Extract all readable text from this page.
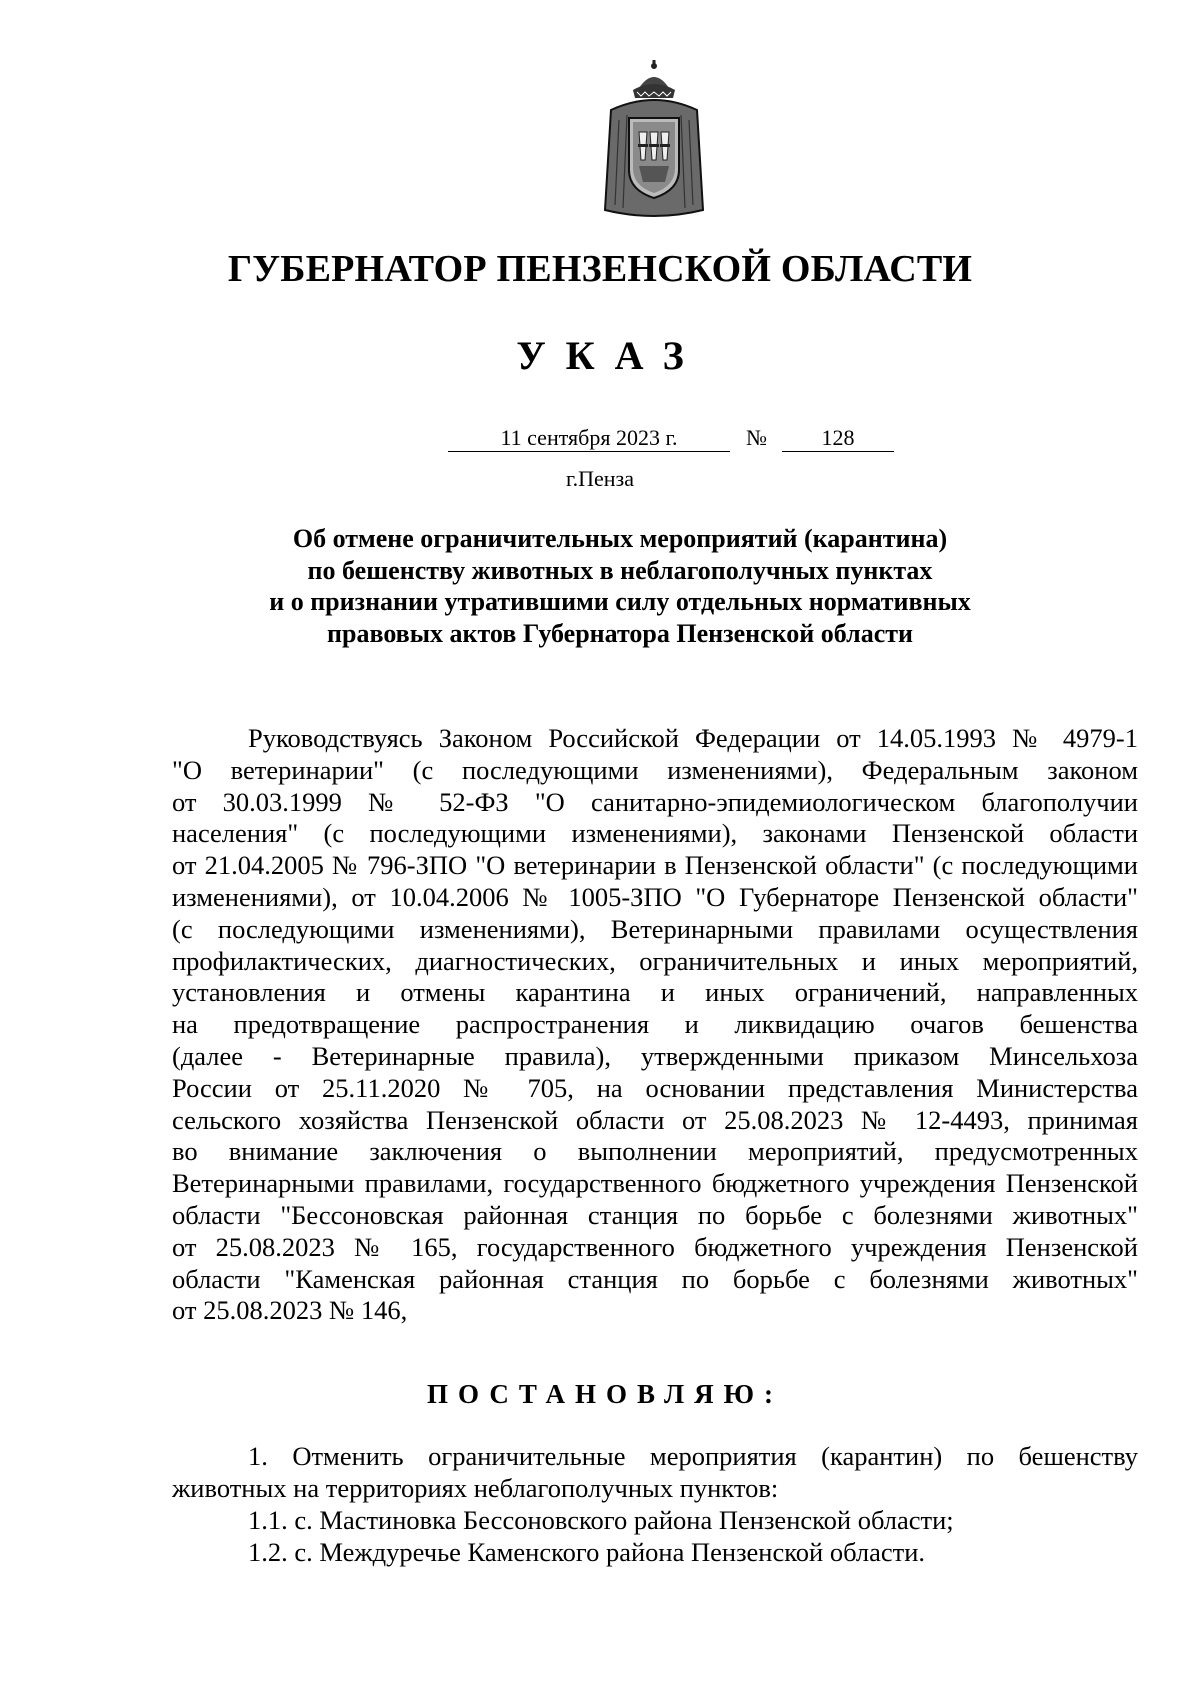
ГУБЕРНАТОР ПЕНЗЕНСКОЙ ОБЛАСТИ
УКАЗ
11 сентября 2023 г.	№	128
г.Пенза
Об отмене ограничительных мероприятий (карантина)
по бешенству животных в неблагополучных пунктах
и о признании утратившими силу отдельных нормативных
правовых актов Губернатора Пензенской области
Руководствуясь Законом Российской Федерации от 14.05.1993 № 4979-1
"О ветеринарии" (с последующими изменениями), Федеральным законом
от 30.03.1999 № 52-ФЗ "О санитарно-эпидемиологическом благополучии
населения" (с последующими изменениями), законами Пензенской области
от 21.04.2005 № 796-ЗПО "О ветеринарии в Пензенской области" (с последующими
изменениями), от 10.04.2006 № 1005-ЗПО "О Губернаторе Пензенской области"
(с последующими изменениями), Ветеринарными правилами осуществления
профилактических, диагностических, ограничительных и иных мероприятий,
установления и отмены карантина и иных ограничений, направленных
на предотвращение распространения и ликвидацию очагов бешенства
(далее - Ветеринарные правила), утвержденными приказом Минсельхоза
России от 25.11.2020 № 705, на основании представления Министерства
сельского хозяйства Пензенской области от 25.08.2023 № 12-4493, принимая
во внимание заключения о выполнении мероприятий, предусмотренных
Ветеринарными правилами, государственного бюджетного учреждения Пензенской
области "Бессоновская районная станция по борьбе с болезнями животных"
от 25.08.2023 № 165, государственного бюджетного учреждения Пензенской
области "Каменская районная станция по борьбе с болезнями животных"
от 25.08.2023 № 146,
ПОСТАНОВЛЯЮ:
1. Отменить ограничительные мероприятия (карантин) по бешенству
животных на территориях неблагополучных пунктов:
1.1. с. Мастиновка Бессоновского района Пензенской области;
1.2. с. Междуречье Каменского района Пензенской области.
